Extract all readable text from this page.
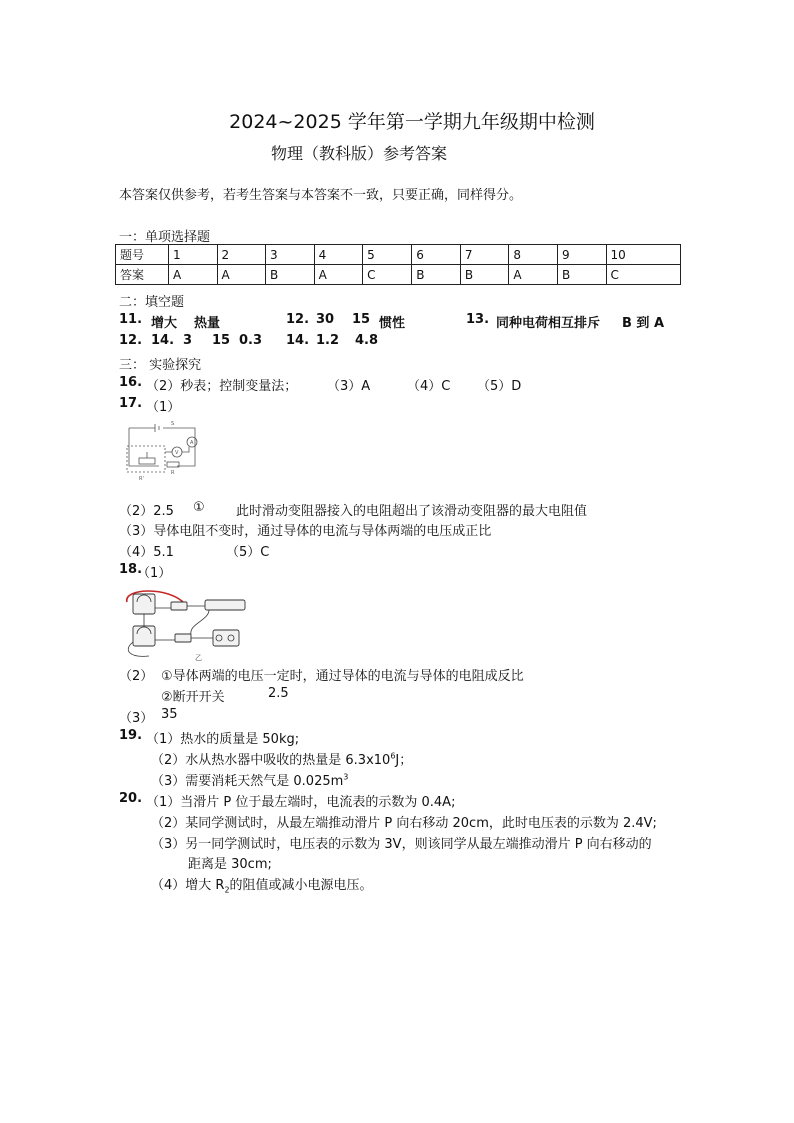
2024~2025 学年第一学期九年级期中检测
物理（教科版）参考答案
本答案仅供参考，若考生答案与本答案不一致，只要正确，同样得分。
一：单项选择题
题号	1	2	3	4	5	6	7	8	9	10
答案	A	A	B	A	C	B	B	A	B	C
二：填空题
11. 增大 热量	12. 30 15 惯性	13. 同种电荷相互排斥 B 到 A
12. 14. 3 15 0.3 14. 1.2 4.8
三： 实验探究
16. （2）秒表；控制变量法； （3）A	（4）C （5）D
17. （1）
S
V
A
R
R'
（2）2.5 ① 此时滑动变阻器接入的电阻超出了该滑动变阻器的最大电阻值
（3）导体电阻不变时，通过导体的电流与导体两端的电压成正比
（4）5.1	（5）C
18.
（1）
乙
（2） ①导体两端的电压一定时，通过导体的电流与导体的电阻成反比
②断开开关	2.5
（3） 35
19. （1）热水的质量是 50kg;
（2）水从热水器中吸收的热量是 $6.3x10^6J$；
（3）需要消耗天然气是 $0.025m^3$
20. （1）当滑片 P 位于最左端时，电流表的示数为 0.4A;
（2）某同学测试时，从最左端推动滑片 P 向右移动 20cm，此时电压表的示数为 2.4V;
（3）另一同学测试时，电压表的示数为 3V，则该同学从最左端推动滑片 P 向右移动的
距离是 30cm;
（4）增大 $R_2$的阻值或减小电源电压。
